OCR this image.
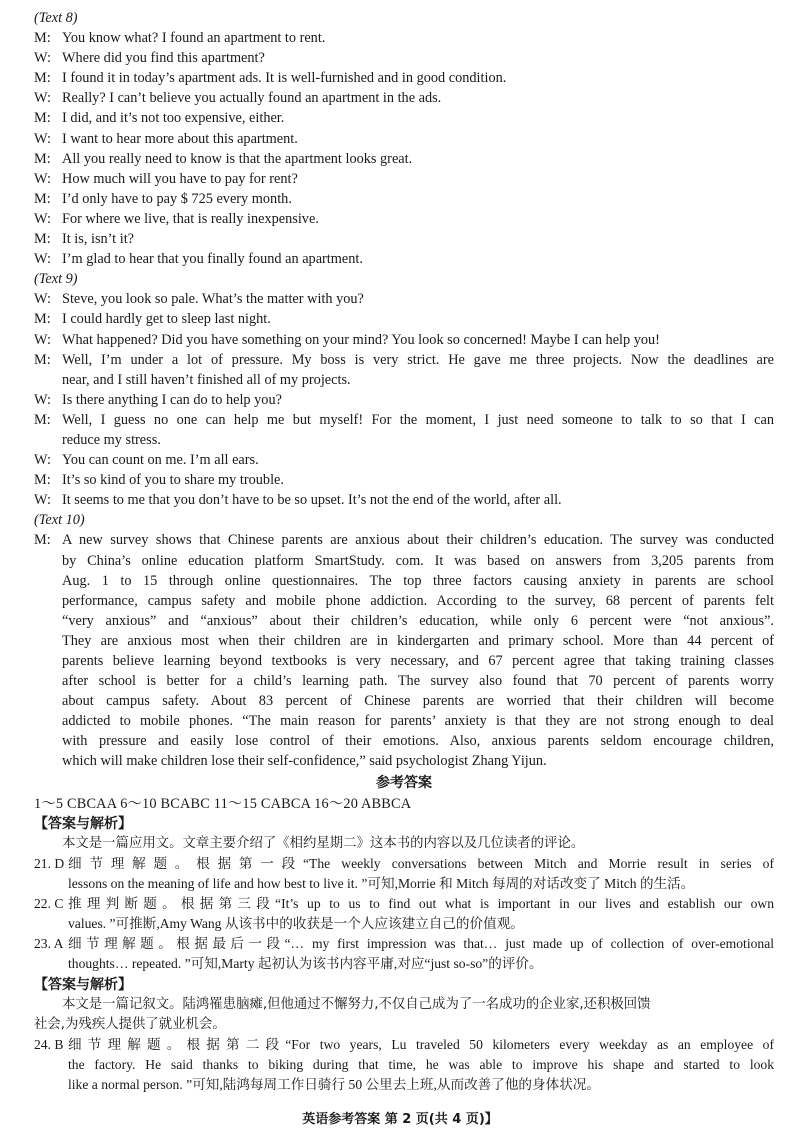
(Text 8)
M: You know what? I found an apartment to rent.
W: Where did you find this apartment?
M: I found it in today’s apartment ads. It is well-furnished and in good condition.
W: Really? I can’t believe you actually found an apartment in the ads.
M: I did, and it’s not too expensive, either.
W: I want to hear more about this apartment.
M: All you really need to know is that the apartment looks great.
W: How much will you have to pay for rent?
M: I’d only have to pay $ 725 every month.
W: For where we live, that is really inexpensive.
M: It is, isn’t it?
W: I’m glad to hear that you finally found an apartment.
(Text 9)
W: Steve, you look so pale. What’s the matter with you?
M: I could hardly get to sleep last night.
W: What happened? Did you have something on your mind? You look so concerned! Maybe I can help you!
M: Well, I’m under a lot of pressure. My boss is very strict. He gave me three projects. Now the deadlines are
near, and I still haven’t finished all of my projects.
W: Is there anything I can do to help you?
M: Well, I guess no one can help me but myself! For the moment, I just need someone to talk to so that I can
reduce my stress.
W: You can count on me. I’m all ears.
M: It’s so kind of you to share my trouble.
W: It seems to me that you don’t have to be so upset. It’s not the end of the world, after all.
(Text 10)
M: A new survey shows that Chinese parents are anxious about their children’s education. The survey was conducted
by China’s online education platform SmartStudy. com. It was based on answers from 3,205 parents from
Aug. 1 to 15 through online questionnaires. The top three factors causing anxiety in parents are school
performance, campus safety and mobile phone addiction. According to the survey, 68 percent of parents felt
“very anxious” and “anxious” about their children’s education, while only 6 percent were “not anxious”.
They are anxious most when their children are in kindergarten and primary school. More than 44 percent of
parents believe learning beyond textbooks is very necessary, and 67 percent agree that taking training classes
after school is better for a child’s learning path. The survey also found that 70 percent of parents worry
about campus safety. About 83 percent of Chinese parents are worried that their children will become
addicted to mobile phones. “The main reason for parents’ anxiety is that they are not strong enough to deal
with pressure and easily lose control of their emotions. Also, anxious parents seldom encourage children,
which will make children lose their self-confidence,” said psychologist Zhang Yijun.
参考答案
1～5 CBCAA 6～10 BCABC 11～15 CABCA 16～20 ABBCA
【答案与解析】
本文是一篇应用文。文章主要介绍了《相约星期二》这本书的内容以及几位读者的评论。
21. D 细节理解题。根据第一段“The weekly conversations between Mitch and Morrie result in series of
lessons on the meaning of life and how best to live it. ”可知,Morrie 和 Mitch 每周的对话改变了 Mitch 的生活。
22. C 推理判断题。根据第三段“It’s up to us to find out what is important in our lives and establish our own
values. ”可推断,Amy Wang 从该书中的收获是一个人应该建立自己的价值观。
23. A 细节理解题。根据最后一段“… my first impression was that… just made up of collection of over-emotional
thoughts… repeated. ”可知,Marty 起初认为该书内容平庸,对应“just so-so”的评价。
【答案与解析】
本文是一篇记叙文。陆鸿罹患脑瘫,但他通过不懈努力,不仅自己成为了一名成功的企业家,还积极回馈
社会,为残疾人提供了就业机会。
24. B 细节理解题。根据第二段“For two years, Lu traveled 50 kilometers every weekday as an employee of
the factory. He said thanks to biking during that time, he was able to improve his shape and started to look
like a normal person. ”可知,陆鸿每周工作日骑行 50 公里去上班,从而改善了他的身体状况。
英语参考答案 第 2 页(共 4 页)】
